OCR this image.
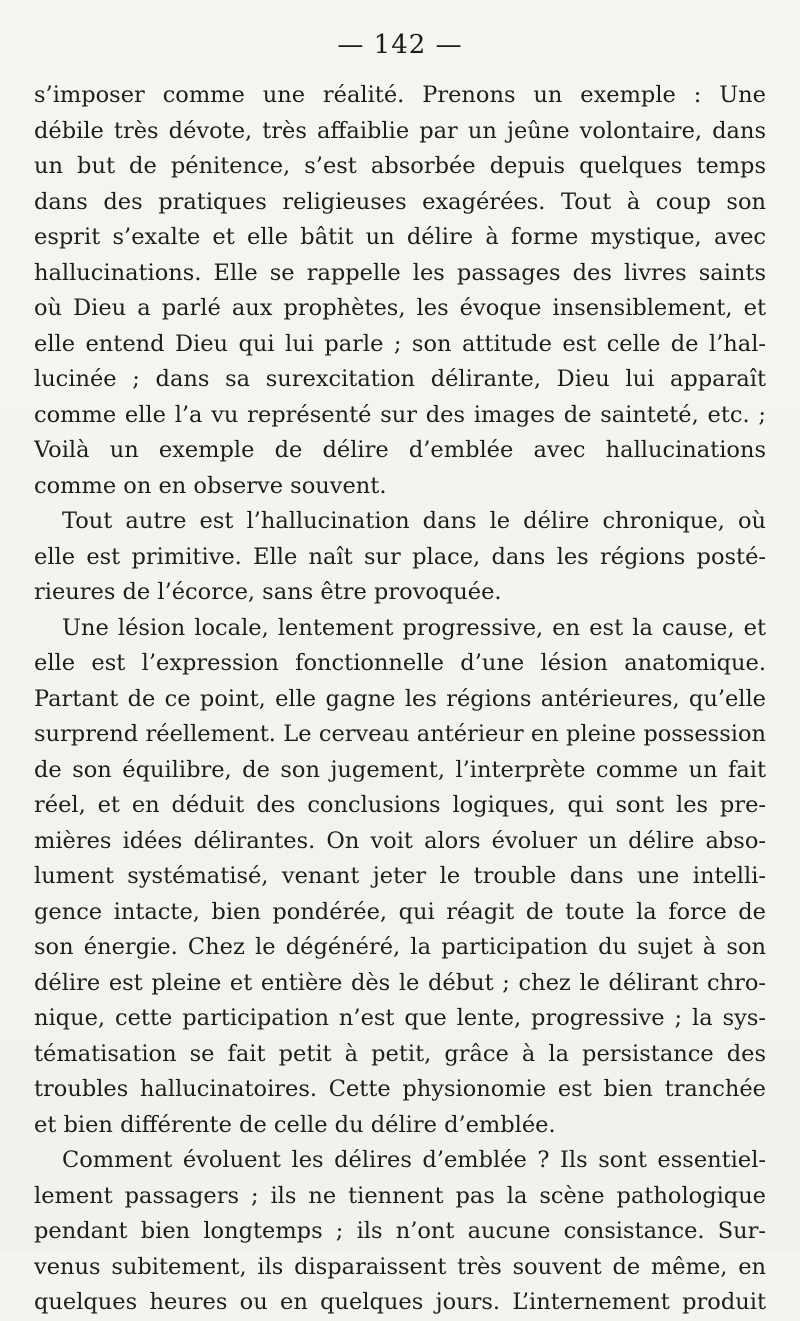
— 142 —
s’imposer comme une réalité. Prenons un exemple : Une
débile très dévote, très affaiblie par un jeûne volontaire, dans
un but de pénitence, s’est absorbée depuis quelques temps
dans des pratiques religieuses exagérées. Tout à coup son
esprit s’exalte et elle bâtit un délire à forme mystique, avec
hallucinations. Elle se rappelle les passages des livres saints
où Dieu a parlé aux prophètes, les évoque insensiblement, et
elle entend Dieu qui lui parle ; son attitude est celle de l’hal-
lucinée ; dans sa surexcitation délirante, Dieu lui apparaît
comme elle l’a vu représenté sur des images de sainteté, etc. ;
Voilà un exemple de délire d’emblée avec hallucinations
comme on en observe souvent.
Tout autre est l’hallucination dans le délire chronique, où
elle est primitive. Elle naît sur place, dans les régions posté-
rieures de l’écorce, sans être provoquée.
Une lésion locale, lentement progressive, en est la cause, et
elle est l’expression fonctionnelle d’une lésion anatomique.
Partant de ce point, elle gagne les régions antérieures, qu’elle
surprend réellement. Le cerveau antérieur en pleine possession
de son équilibre, de son jugement, l’interprète comme un fait
réel, et en déduit des conclusions logiques, qui sont les pre-
mières idées délirantes. On voit alors évoluer un délire abso-
lument systématisé, venant jeter le trouble dans une intelli-
gence intacte, bien pondérée, qui réagit de toute la force de
son énergie. Chez le dégénéré, la participation du sujet à son
délire est pleine et entière dès le début ; chez le délirant chro-
nique, cette participation n’est que lente, progressive ; la sys-
tématisation se fait petit à petit, grâce à la persistance des
troubles hallucinatoires. Cette physionomie est bien tranchée
et bien différente de celle du délire d’emblée.
Comment évoluent les délires d’emblée ? Ils sont essentiel-
lement passagers ; ils ne tiennent pas la scène pathologique
pendant bien longtemps ; ils n’ont aucune consistance. Sur-
venus subitement, ils disparaissent très souvent de même, en
quelques heures ou en quelques jours. L’internement produit
